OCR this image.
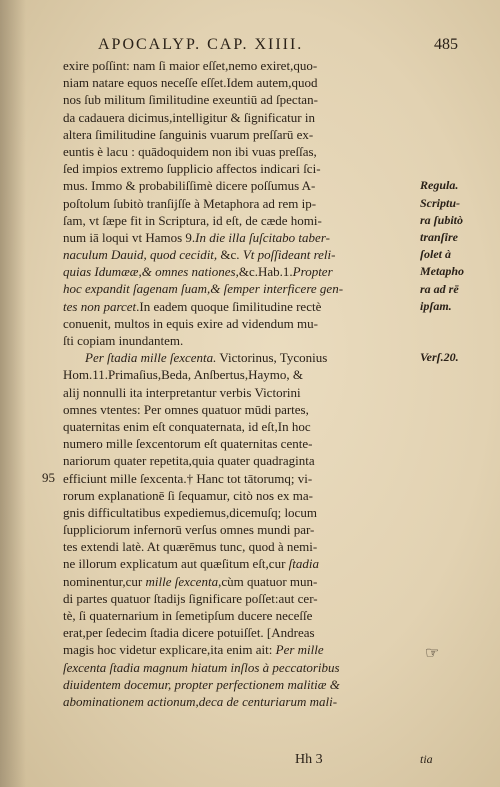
APOCALYP. CAP. XIIII.	485
exire poſſint: nam ſi maior eſſet,nemo exiret,quo-
niam natare equos neceſſe eſſet.Idem autem,quod
nos ſub militum ſimilitudine exeuntiū ad ſpectan-
da cadauera dicimus,intelligitur & ſignificatur in
altera ſimilitudine ſanguinis vuarum preſſarū ex-
euntis è lacu : quādoquidem non ibi vuas preſſas,
ſed impios extremo ſupplicio affectos indicari ſci-
mus. Immo & probabiliſſimè dicere poſſumus A-
poſtolum ſubitò tranſijſſe à Metaphora ad rem ip-
ſam, vt ſæpe fit in Scriptura, id eſt, de cæde homi-
num iā loqui vt Hamos 9.In die illa ſuſcitabo taber-
naculum Dauid, quod cecidit, &c. Vt poſſideant reli-
quias Idumææ,& omnes nationes,&c.Hab.1.Propter
hoc expandit ſagenam ſuam,& ſemper interficere gen-
tes non parcet.In eadem quoque ſimilitudine rectè
conuenit, multos in equis exire ad videndum mu-
ſti copiam inundantem.
Per ſtadia mille ſexcenta. Victorinus, Tyconius
Hom.11.Primaſius,Beda, Anſbertus,Haymo, &
alij nonnulli ita interpretantur verbis Victorini
omnes vtentes: Per omnes quatuor mūdi partes,
quaternitas enim eſt conquaternata, id eſt,In hoc
numero mille ſexcentorum eſt quaternitas cente-
nariorum quater repetita,quia quater quadraginta
efficiunt mille ſexcenta.† Hanc tot tātorumq; vi-
rorum explanationē ſi ſequamur, citò nos ex ma-
gnis difficultatibus expediemus,dicemuſq; locum
ſuppliciorum infernorū verſus omnes mundi par-
tes extendi latè. At quærēmus tunc, quod à nemi-
ne illorum explicatum aut quæſitum eſt,cur ſtadia
nominentur,cur mille ſexcenta,cùm quatuor mun-
di partes quatuor ſtadijs ſignificare poſſet:aut cer-
tè, ſi quaternarium in ſemetipſum ducere neceſſe
erat,per ſedecim ſtadia dicere potuiſſet. [Andreas
magis hoc videtur explicare,ita enim ait: Per mille
ſexcenta ſtadia magnum hiatum inſlos à peccatoribus
diuidentem docemur, propter perfectionem malitiæ &
abominationem actionum,deca de centuriarum mali-
Regula.
Scriptu-
ra ſubitò
tranſire
ſolet à
Metapho
ra ad rē
ipſam.
Verſ.20.
95
☞
Hh 3	tia
